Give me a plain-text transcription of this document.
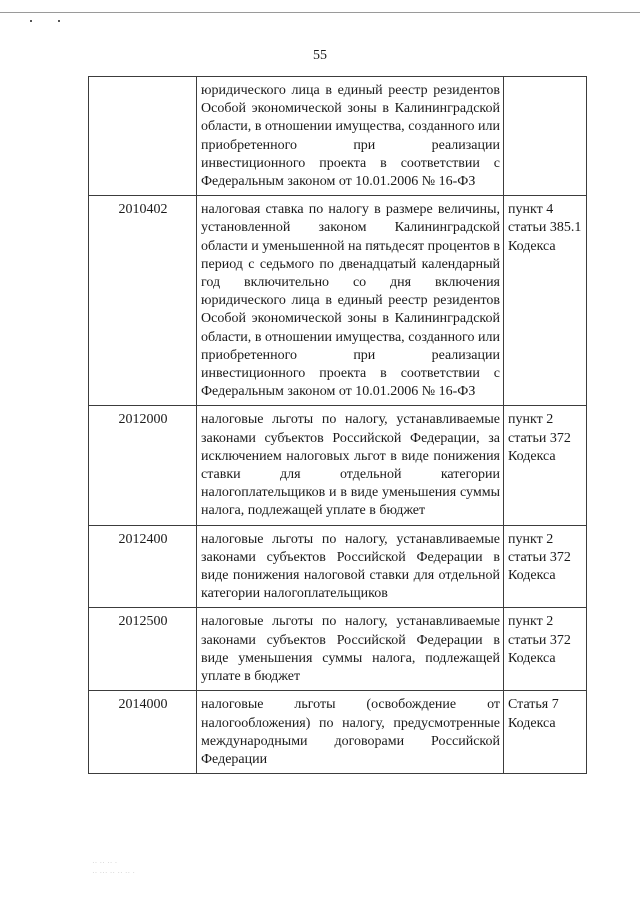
55
	юридического лица в единый реестр резидентов Особой экономической зоны в Калининградской области, в отношении имущества, созданного или приобретенного при реализации инвестиционного проекта в соответствии с Федеральным законом от 10.01.2006 № 16-ФЗ	
2010402	налоговая ставка по налогу в размере величины, установленной законом Калининградской области и уменьшенной на пятьдесят процентов в период с седьмого по двенадцатый календарный год включительно со дня включения юридического лица в единый реестр резидентов Особой экономической зоны в Калининградской области, в отношении имущества, созданного или приобретенного при реализации инвестиционного проекта в соответствии с Федеральным законом от 10.01.2006 № 16-ФЗ	пункт 4 статьи 385.1 Кодекса
2012000	налоговые льготы по налогу, устанавливаемые законами субъектов Российской Федерации, за исключением налоговых льгот в виде понижения ставки для отдельной категории налогоплательщиков и в виде уменьшения суммы налога, подлежащей уплате в бюджет	пункт 2 статьи 372 Кодекса
2012400	налоговые льготы по налогу, устанавливаемые законами субъектов Российской Федерации в виде понижения налоговой ставки для отдельной категории налогоплательщиков	пункт 2 статьи 372 Кодекса
2012500	налоговые льготы по налогу, устанавливаемые законами субъектов Российской Федерации в виде уменьшения суммы налога, подлежащей уплате в бюджет	пункт 2 статьи 372 Кодекса
2014000	налоговые льготы (освобождение от налогообложения) по налогу, предусмотренные международными договорами Российской Федерации	Статья 7 Кодекса
·· ·· ·· ·
·· ··· ·· ·· ·· ·
